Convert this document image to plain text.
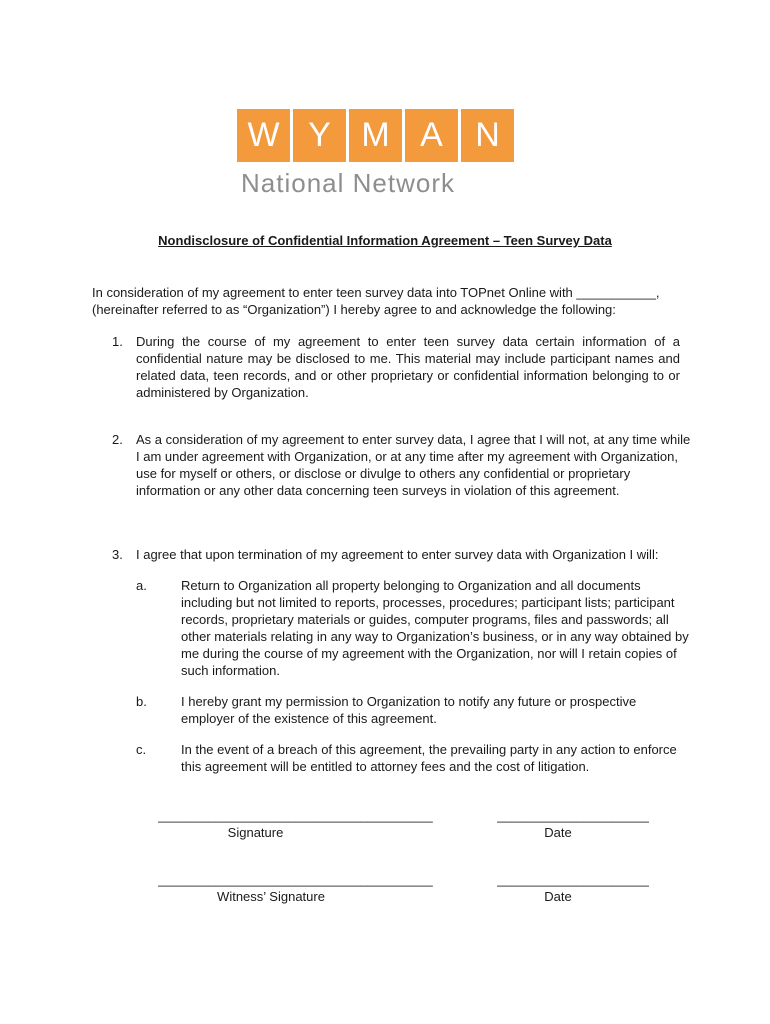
W Y M A N
National Network
Nondisclosure of Confidential Information Agreement – Teen Survey Data
In consideration of my agreement to enter teen survey data into TOPnet Online with ___________, (hereinafter referred to as “Organization”) I hereby agree to and acknowledge the following:
1. During the course of my agreement to enter teen survey data certain information of a confidential nature may be disclosed to me. This material may include participant names and related data, teen records, and or other proprietary or confidential information belonging to or administered by Organization.
2. As a consideration of my agreement to enter survey data, I agree that I will not, at any time while I am under agreement with Organization, or at any time after my agreement with Organization, use for myself or others, or disclose or divulge to others any confidential or proprietary information or any other data concerning teen surveys in violation of this agreement.
3. I agree that upon termination of my agreement to enter survey data with Organization I will:
a.	Return to Organization all property belonging to Organization and all documents including but not limited to reports, processes, procedures; participant lists; participant records, proprietary materials or guides, computer programs, files and passwords; all other materials relating in any way to Organization’s business, or in any way obtained by me during the course of my agreement with the Organization, nor will I retain copies of such information.
b.	I hereby grant my permission to Organization to notify any future or prospective employer of the existence of this agreement.
c.	In the event of a breach of this agreement, the prevailing party in any action to enforce this agreement will be entitled to attorney fees and the cost of litigation.
______________________________________	_____________________
Signature	Date
______________________________________	_____________________
Witness’ Signature	Date
